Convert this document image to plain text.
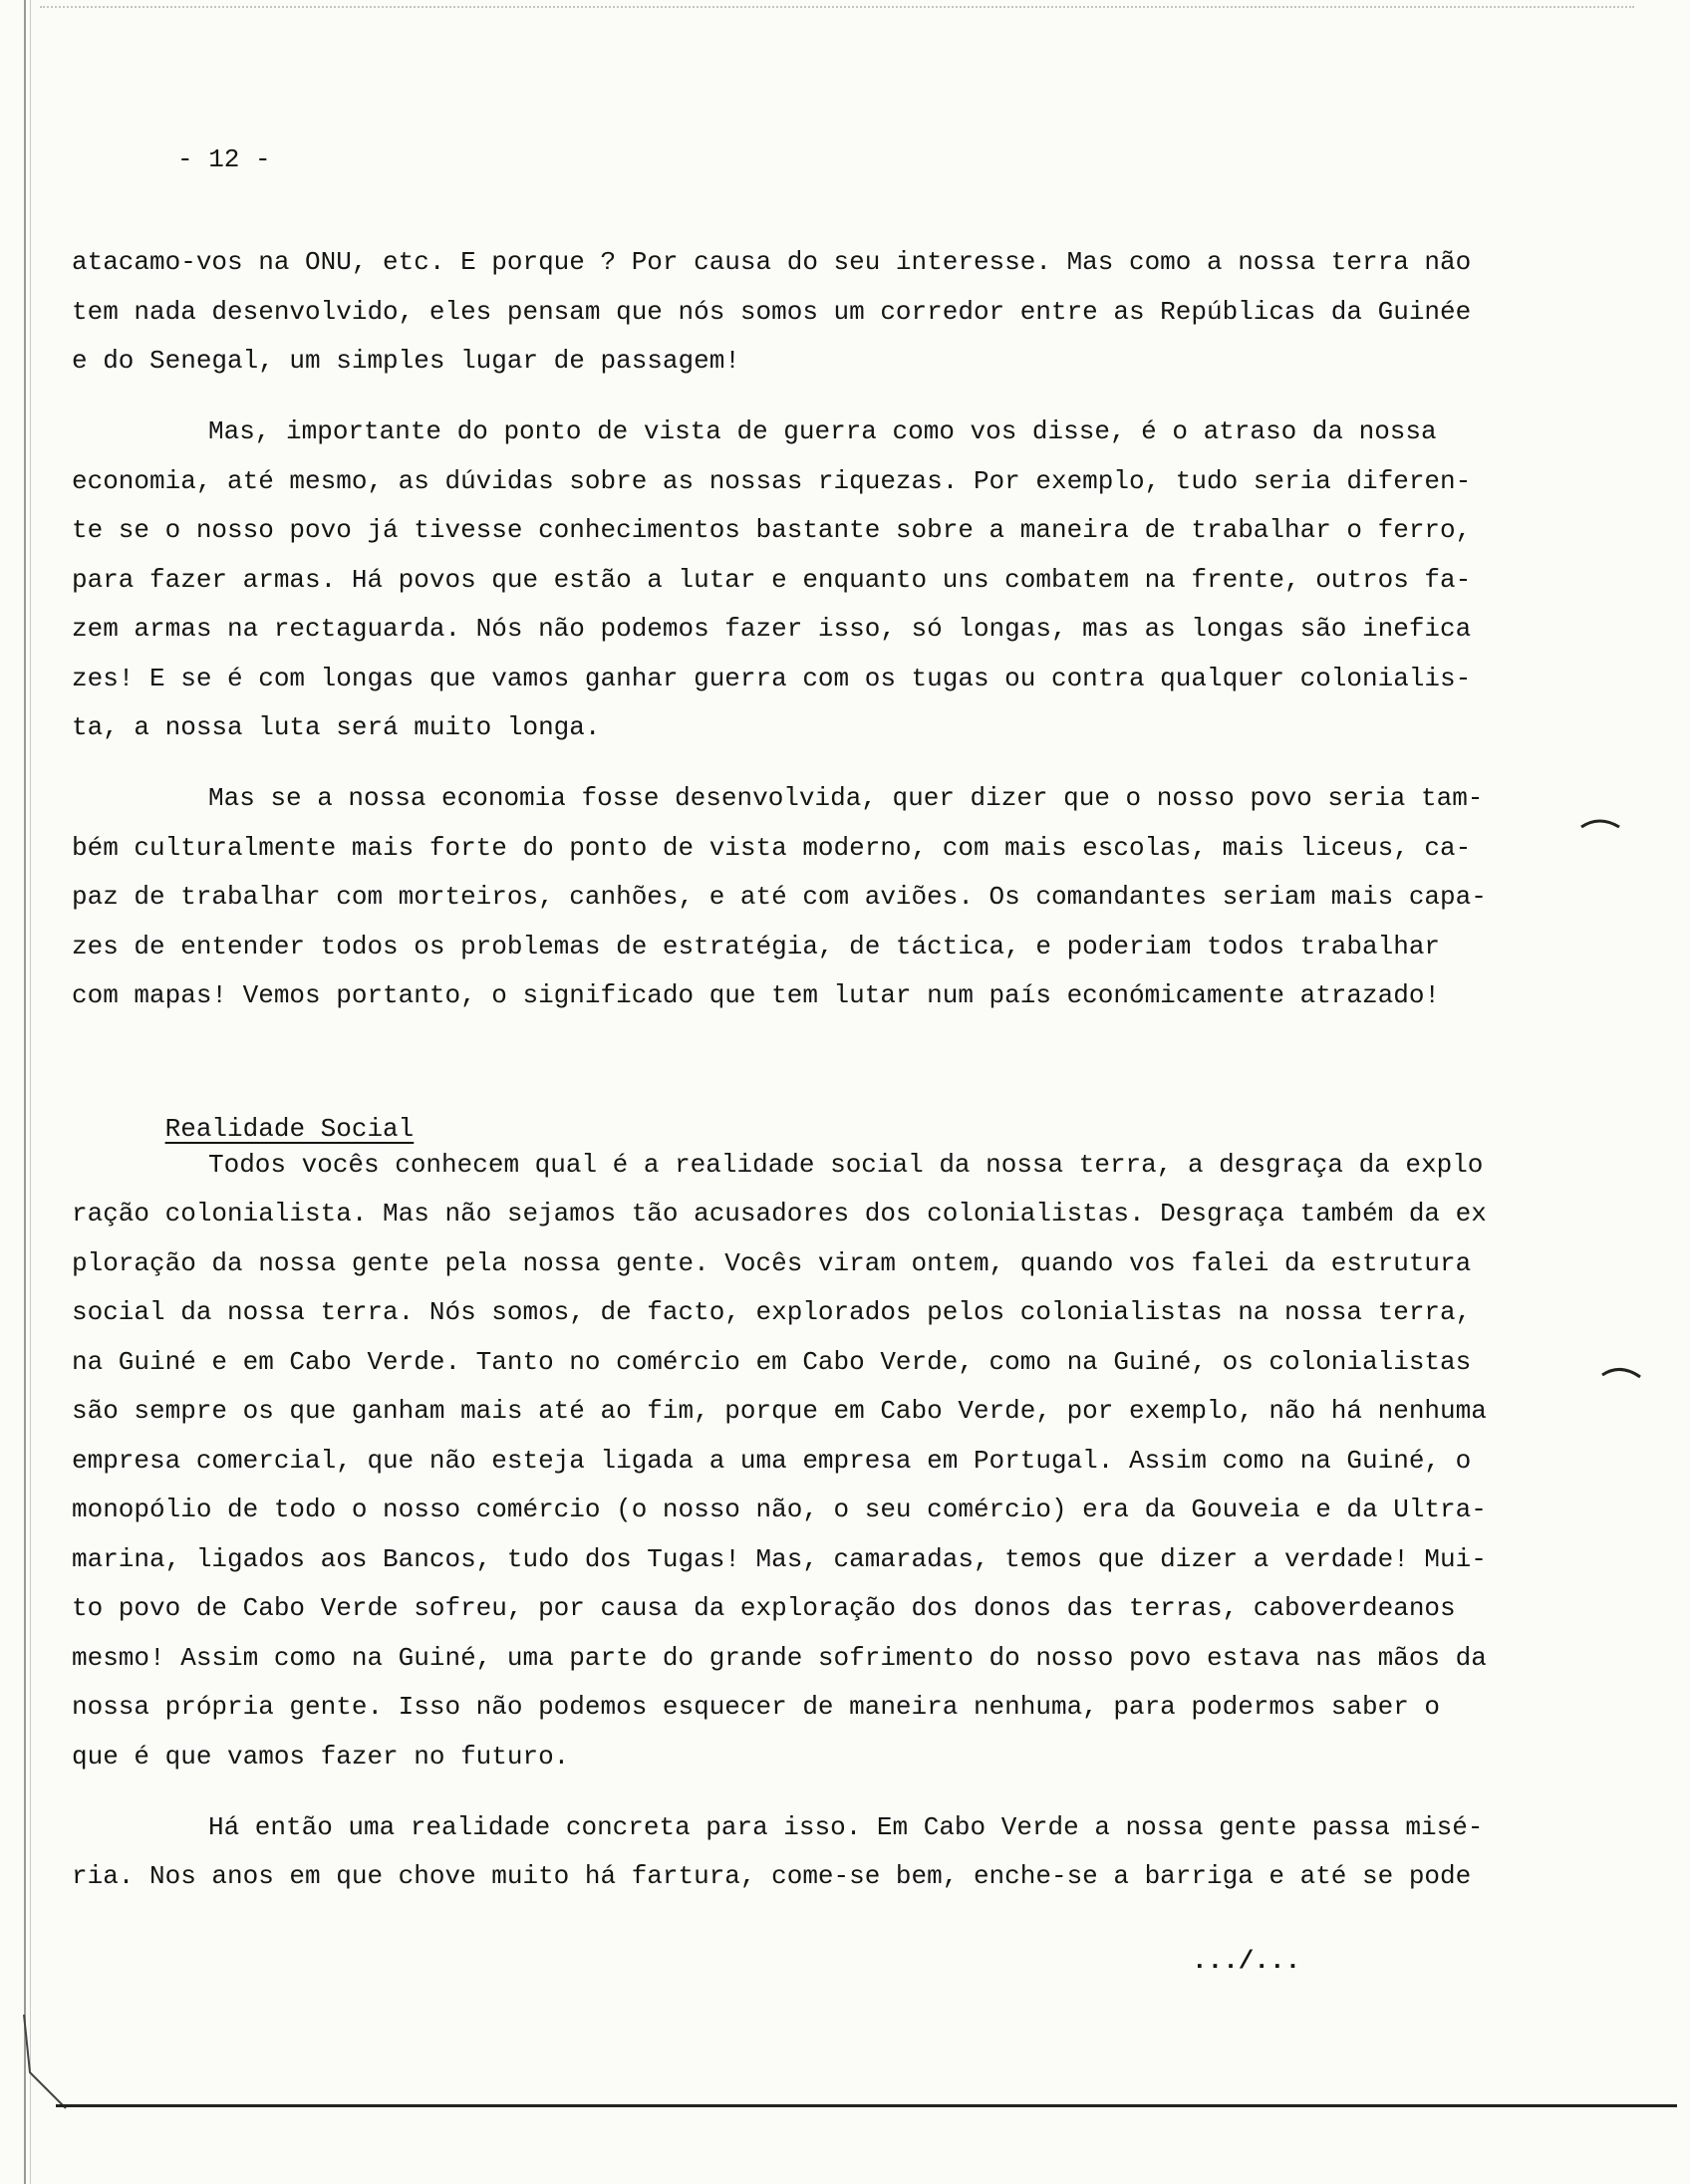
- 12 -
atacamo-vos na ONU, etc. E porque ? Por causa do seu interesse. Mas como a nossa terra não
tem nada desenvolvido, eles pensam que nós somos um corredor entre as Repúblicas da Guinée
e do Senegal, um simples lugar de passagem!
Mas, importante do ponto de vista de guerra como vos disse, é o atraso da nossa
economia, até mesmo, as dúvidas sobre as nossas riquezas. Por exemplo, tudo seria diferen-
te se o nosso povo já tivesse conhecimentos bastante sobre a maneira de trabalhar o ferro,
para fazer armas. Há povos que estão a lutar e enquanto uns combatem na frente, outros fa-
zem armas na rectaguarda. Nós não podemos fazer isso, só longas, mas as longas são inefica
zes! E se é com longas que vamos ganhar guerra com os tugas ou contra qualquer colonialis-
ta, a nossa luta será muito longa.
Mas se a nossa economia fosse desenvolvida, quer dizer que o nosso povo seria tam-
bém culturalmente mais forte do ponto de vista moderno, com mais escolas, mais liceus, ca-
paz de trabalhar com morteiros, canhões, e até com aviões. Os comandantes seriam mais capa-
zes de entender todos os problemas de estratégia, de táctica, e poderiam todos trabalhar
com mapas! Vemos portanto, o significado que tem lutar num país económicamente atrazado!

Realidade Social

Todos vocês conhecem qual é a realidade social da nossa terra, a desgraça da explo
ração colonialista. Mas não sejamos tão acusadores dos colonialistas. Desgraça também da ex
ploração da nossa gente pela nossa gente. Vocês viram ontem, quando vos falei da estrutura
social da nossa terra. Nós somos, de facto, explorados pelos colonialistas na nossa terra,
na Guiné e em Cabo Verde. Tanto no comércio em Cabo Verde, como na Guiné, os colonialistas
são sempre os que ganham mais até ao fim, porque em Cabo Verde, por exemplo, não há nenhuma
empresa comercial, que não esteja ligada a uma empresa em Portugal. Assim como na Guiné, o
monopólio de todo o nosso comércio (o nosso não, o seu comércio) era da Gouveia e da Ultra-
marina, ligados aos Bancos, tudo dos Tugas! Mas, camaradas, temos que dizer a verdade! Mui-
to povo de Cabo Verde sofreu, por causa da exploração dos donos das terras, caboverdeanos
mesmo! Assim como na Guiné, uma parte do grande sofrimento do nosso povo estava nas mãos da
nossa própria gente. Isso não podemos esquecer de maneira nenhuma, para podermos saber o
que é que vamos fazer no futuro.
Há então uma realidade concreta para isso. Em Cabo Verde a nossa gente passa misé-
ria. Nos anos em que chove muito há fartura, come-se bem, enche-se a barriga e até se pode
.../...
